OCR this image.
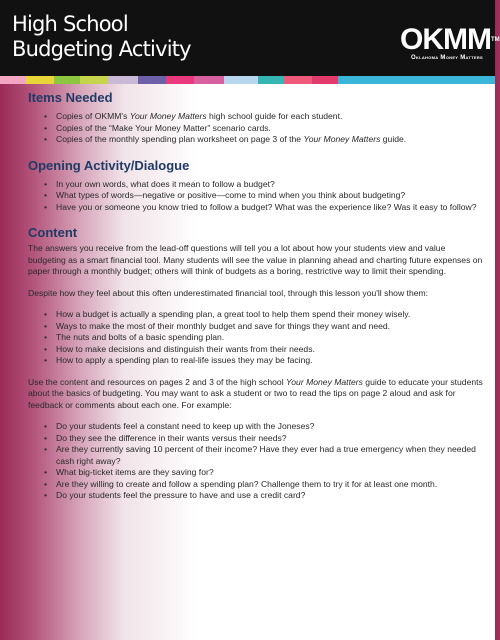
High School
Budgeting Activity	OKMM™
Oklahoma Money Matters
Items Needed
• Copies of OKMM's Your Money Matters high school guide for each student.
• Copies of the “Make Your Money Matter” scenario cards.
• Copies of the monthly spending plan worksheet on page 3 of the Your Money Matters guide.
Opening Activity/Dialogue
• In your own words, what does it mean to follow a budget?
• What types of words—negative or positive—come to mind when you think about budgeting?
• Have you or someone you know tried to follow a budget? What was the experience like? Was it easy to follow?
Content

The answers you receive from the lead-off questions will tell you a lot about how your students view and value budgeting as a smart financial tool. Many students will see the value in planning ahead and charting future expenses on paper through a monthly budget; others will think of budgets as a boring, restrictive way to limit their spending.

Despite how they feel about this often underestimated financial tool, through this lesson you'll show them:

• How a budget is actually a spending plan, a great tool to help them spend their money wisely.
• Ways to make the most of their monthly budget and save for things they want and need.
• The nuts and bolts of a basic spending plan.
• How to make decisions and distinguish their wants from their needs.
• How to apply a spending plan to real-life issues they may be facing.

Use the content and resources on pages 2 and 3 of the high school Your Money Matters guide to educate your students about the basics of budgeting. You may want to ask a student or two to read the tips on page 2 aloud and ask for feedback or comments about each one. For example:

• Do your students feel a constant need to keep up with the Joneses?
• Do they see the difference in their wants versus their needs?
• Are they currently saving 10 percent of their income? Have they ever had a true emergency when they needed cash right away?
• What big-ticket items are they saving for?
• Are they willing to create and follow a spending plan? Challenge them to try it for at least one month.
• Do your students feel the pressure to have and use a credit card?
